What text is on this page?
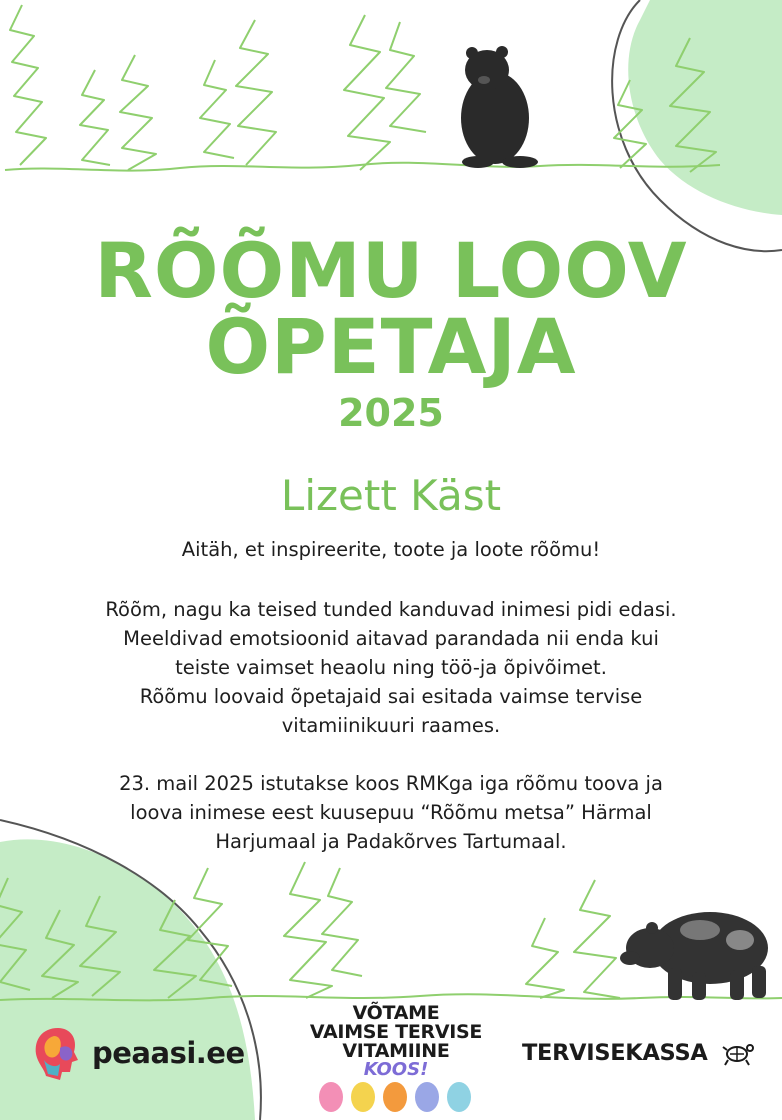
RÕÕMU LOOV
ÕPETAJA
2025
Lizett Käst
Aitäh, et inspireerite, toote ja loote rõõmu!
Rõõm, nagu ka teised tunded kanduvad inimesi pidi edasi.
Meeldivad emotsioonid aitavad parandada nii enda kui
teiste vaimset heaolu ning töö-ja õpivõimet.
Rõõmu loovaid õpetajaid sai esitada vaimse tervise
vitamiinikuuri raames.
23. mail 2025 istutakse koos RMKga iga rõõmu toova ja
loova inimese eest kuusepuu “Rõõmu metsa” Härmal
Harjumaal ja Padakõrves Tartumaal.
peaasi.ee
VÕTAME
VAIMSE TERVISE
VITAMIINE
KOOS!
TERVISEKASSA
